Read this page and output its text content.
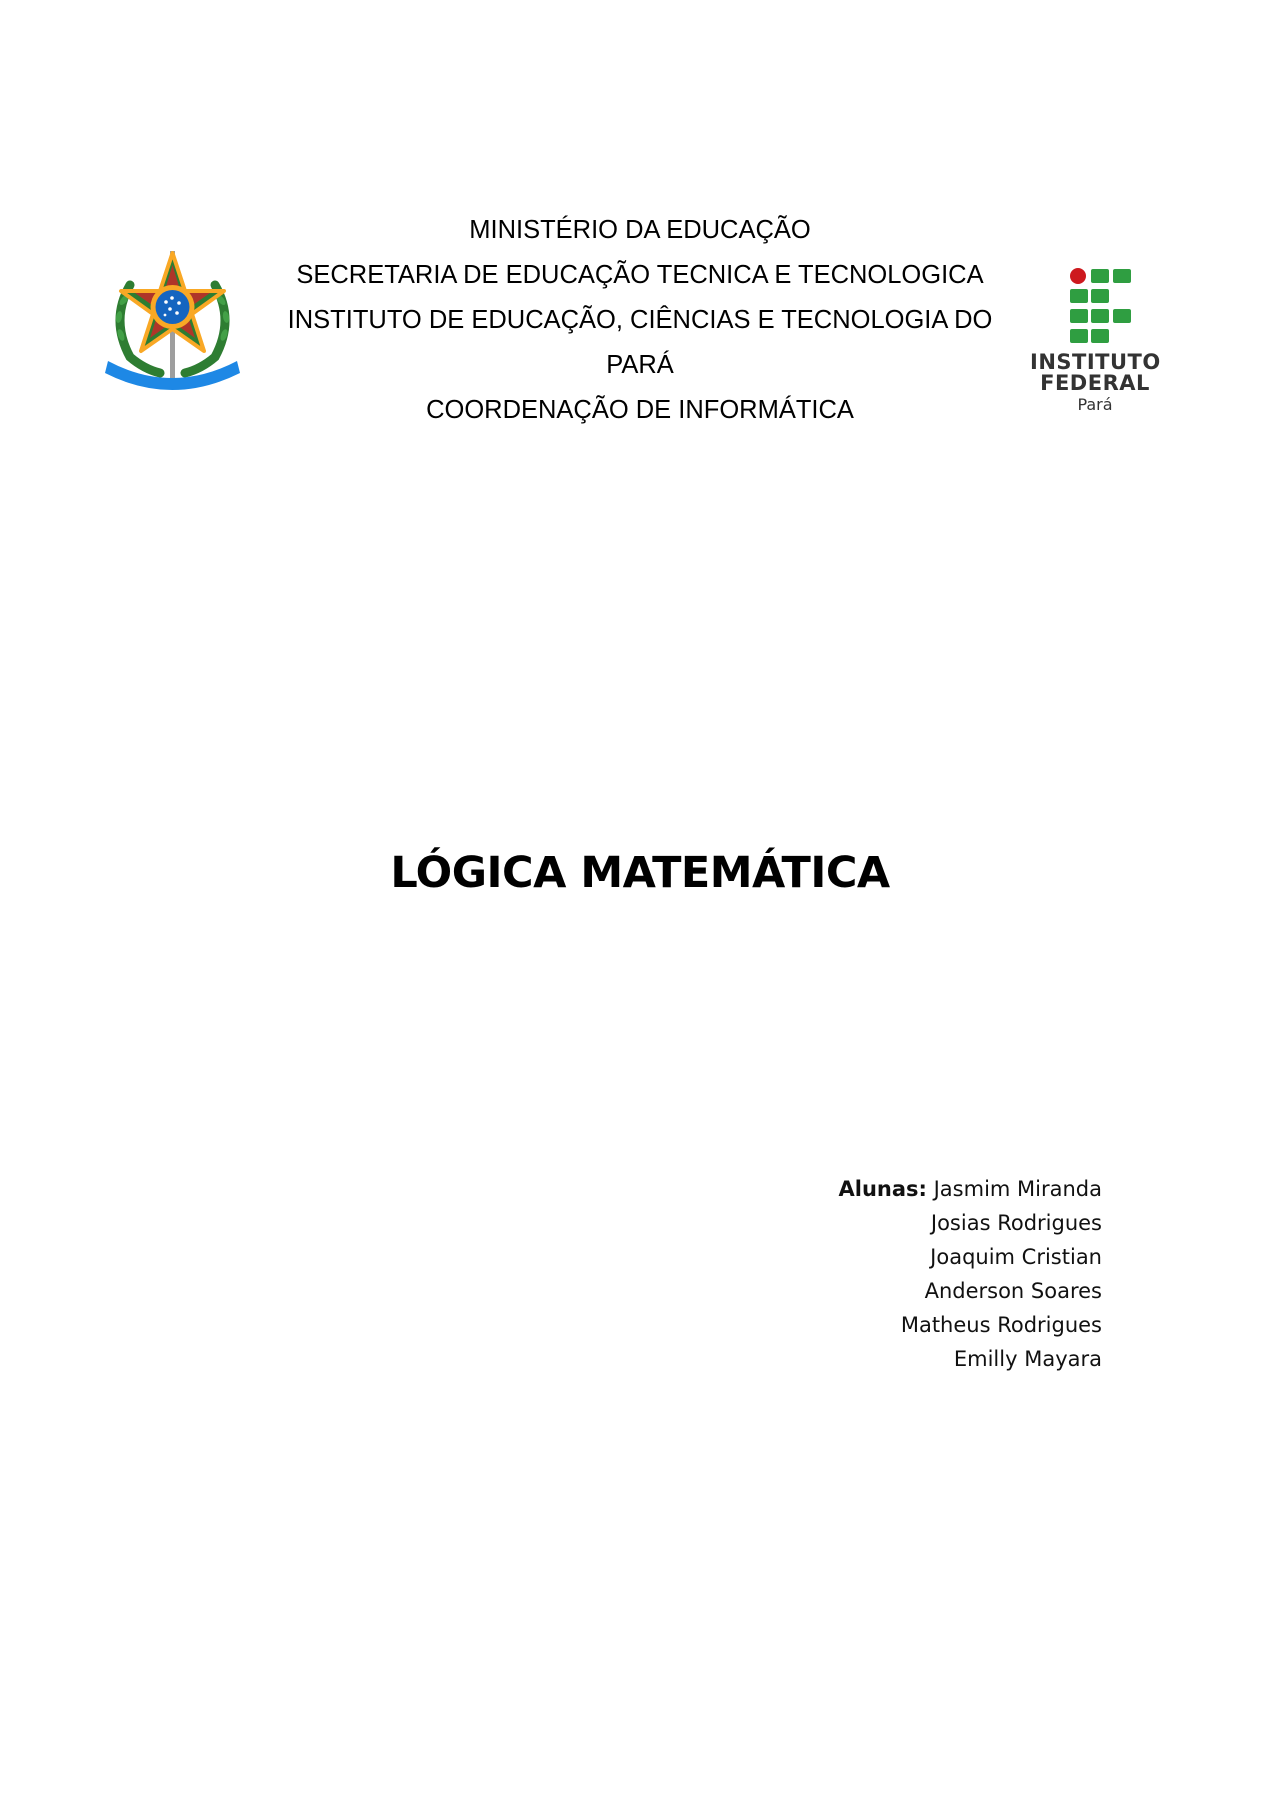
MINISTÉRIO DA EDUCAÇÃO
SECRETARIA DE EDUCAÇÃO TECNICA E TECNOLOGICA
INSTITUTO DE EDUCAÇÃO, CIÊNCIAS E TECNOLOGIA DO
PARÁ
COORDENAÇÃO DE INFORMÁTICA
INSTITUTO
FEDERAL
Pará
LÓGICA MATEMÁTICA
Alunas: Jasmim Miranda
Josias Rodrigues
Joaquim Cristian
Anderson Soares
Matheus Rodrigues
Emilly Mayara
